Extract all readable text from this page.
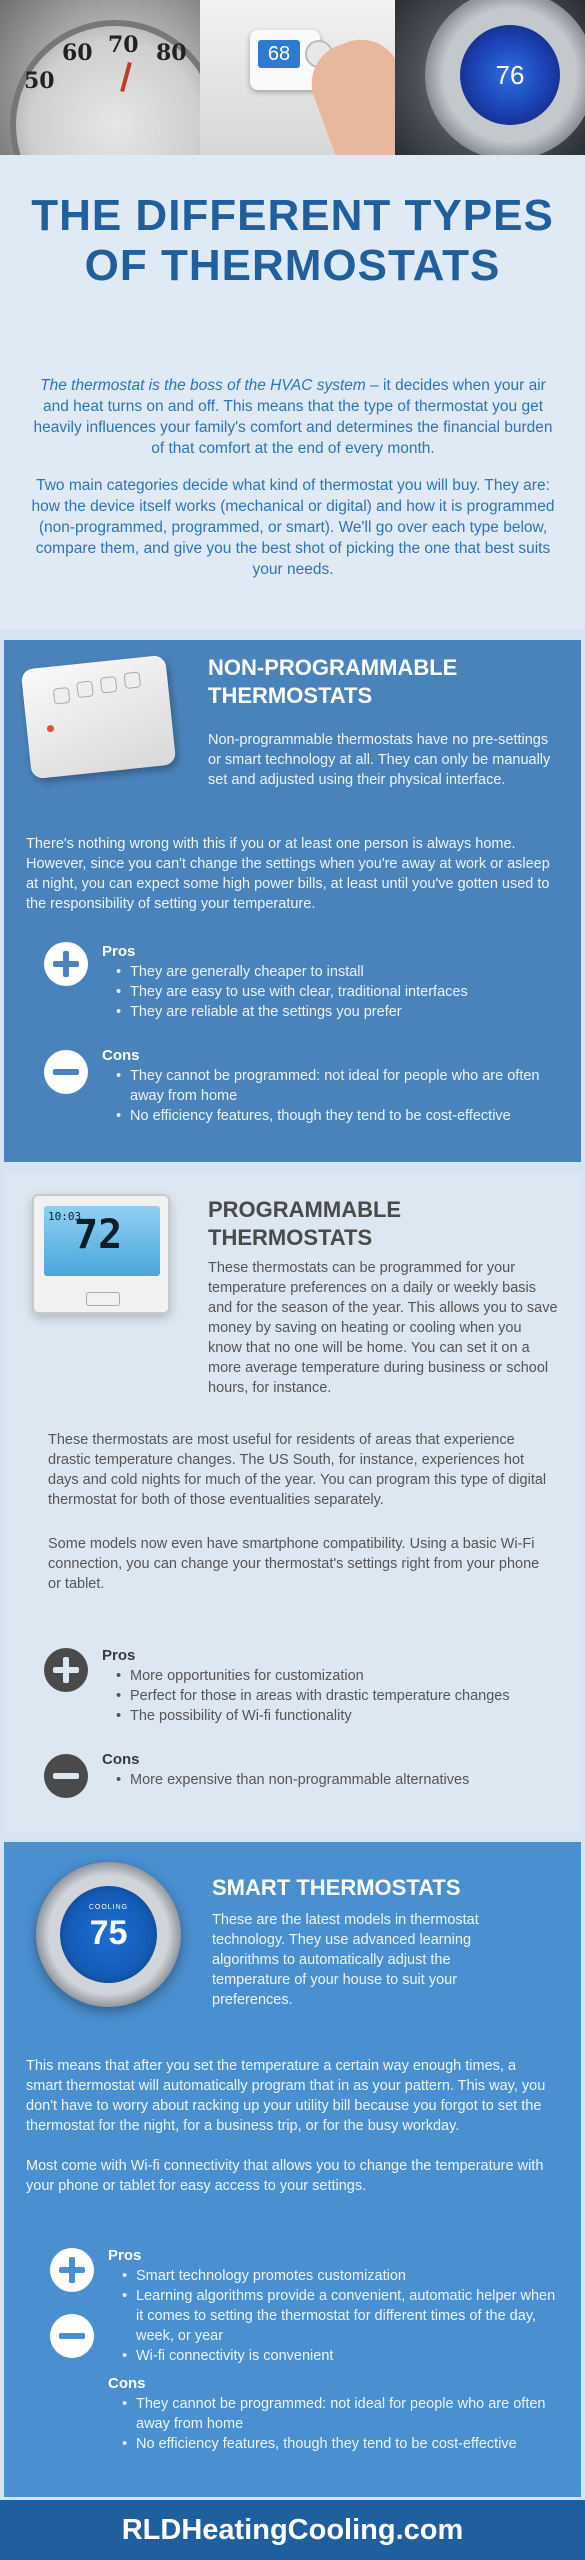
50
60 70 80	68
76
THE DIFFERENT TYPES OF THERMOSTATS

The thermostat is the boss of the HVAC system – it decides when your air and heat turns on and off. This means that the type of thermostat you get heavily influences your family's comfort and determines the financial burden of that comfort at the end of every month.

Two main categories decide what kind of thermostat you will buy. They are: how the device itself works (mechanical or digital) and how it is programmed (non-programmed, programmed, or smart). We'll go over each type below, compare them, and give you the best shot of picking the one that best suits your needs.

NON-PROGRAMMABLE THERMOSTATS

Non-programmable thermostats have no pre-settings or smart technology at all. They can only be manually set and adjusted using their physical interface.

There's nothing wrong with this if you or at least one person is always home. However, since you can't change the settings when you're away at work or asleep at night, you can expect some high power bills, at least until you've gotten used to the responsibility of setting your temperature.

Pros
• They are generally cheaper to install
• They are easy to use with clear, traditional interfaces
• They are reliable at the settings you prefer
Cons
• They cannot be programmed: not ideal for people who are often away from home
• No efficiency features, though they tend to be cost-effective
10:03
72
PROGRAMMABLE THERMOSTATS

These thermostats can be programmed for your temperature preferences on a daily or weekly basis and for the season of the year. This allows you to save money by saving on heating or cooling when you know that no one will be home. You can set it on a more average temperature during business or school hours, for instance.

These thermostats are most useful for residents of areas that experience drastic temperature changes. The US South, for instance, experiences hot days and cold nights for much of the year. You can program this type of digital thermostat for both of those eventualities separately.

Some models now even have smartphone compatibility. Using a basic Wi-Fi connection, you can change your thermostat's settings right from your phone or tablet.

Pros
• More opportunities for customization
• Perfect for those in areas with drastic temperature changes
• The possibility of Wi-fi functionality
Cons
• More expensive than non-programmable alternatives
COOLING
75
SMART THERMOSTATS

These are the latest models in thermostat technology. They use advanced learning algorithms to automatically adjust the temperature of your house to suit your preferences.

This means that after you set the temperature a certain way enough times, a smart thermostat will automatically program that in as your pattern. This way, you don't have to worry about racking up your utility bill because you forgot to set the thermostat for the night, for a business trip, or for the busy workday.

Most come with Wi-fi connectivity that allows you to change the temperature with your phone or tablet for easy access to your settings.

Pros
• Smart technology promotes customization
• Learning algorithms provide a convenient, automatic helper when it comes to setting the thermostat for different times of the day, week, or year
• Wi-fi connectivity is convenient
Cons
• They cannot be programmed: not ideal for people who are often away from home
• No efficiency features, though they tend to be cost-effective
RLDHeatingCooling.com
